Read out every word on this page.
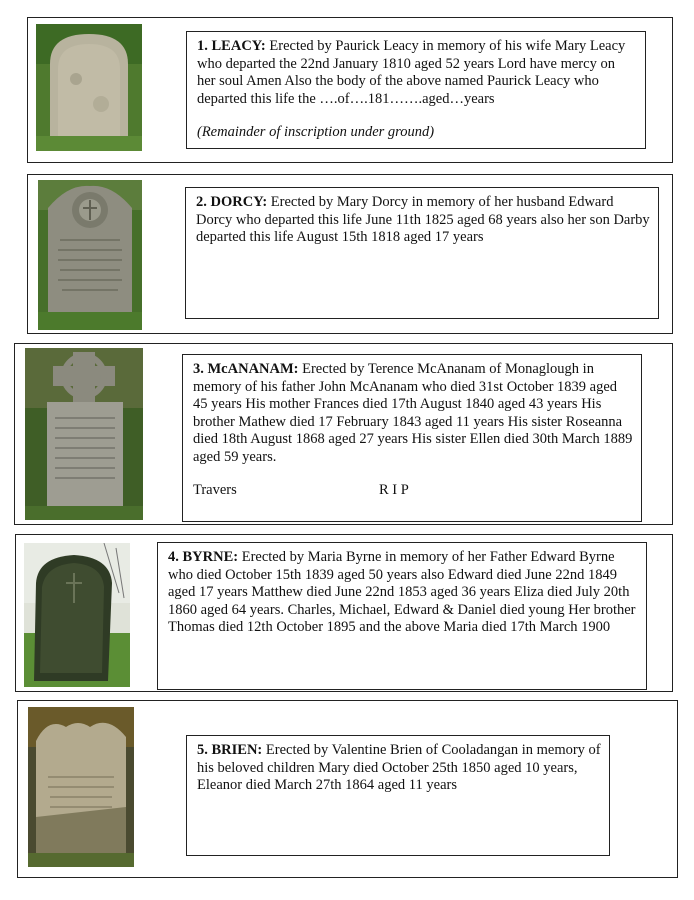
1. LEACY: Erected by Paurick Leacy in memory of his wife Mary Leacy who departed the 22nd January 1810 aged 52 years Lord have mercy on her soul Amen Also the body of the above named Paurick Leacy who departed this life the ….of….181…….aged…years
(Remainder of inscription under ground)
2. DORCY: Erected by Mary Dorcy in memory of her husband Edward Dorcy who departed this life June 11th 1825 aged 68 years also her son Darby departed this life August 15th 1818 aged 17 years
3. McANANAM: Erected by Terence McAnanam of Monaglough in memory of his father John McAnanam who died 31st October 1839 aged 45 years His mother Frances died 17th August 1840 aged 43 years His brother Mathew died 17 February 1843 aged 11 years His sister Roseanna died 18th August 1868 aged 27 years His sister Ellen died 30th March 1889 aged 59 years.
Travers	R I P
4. BYRNE: Erected by Maria Byrne in memory of her Father Edward Byrne who died October 15th 1839 aged 50 years also Edward died June 22nd 1849 aged 17 years Matthew died June 22nd 1853 aged 36 years Eliza died July 20th 1860 aged 64 years. Charles, Michael, Edward & Daniel died young Her brother Thomas died 12th October 1895 and the above Maria died 17th March 1900
5. BRIEN: Erected by Valentine Brien of Cooladangan in memory of his beloved children Mary died October 25th 1850 aged 10 years, Eleanor died March 27th 1864 aged 11 years
